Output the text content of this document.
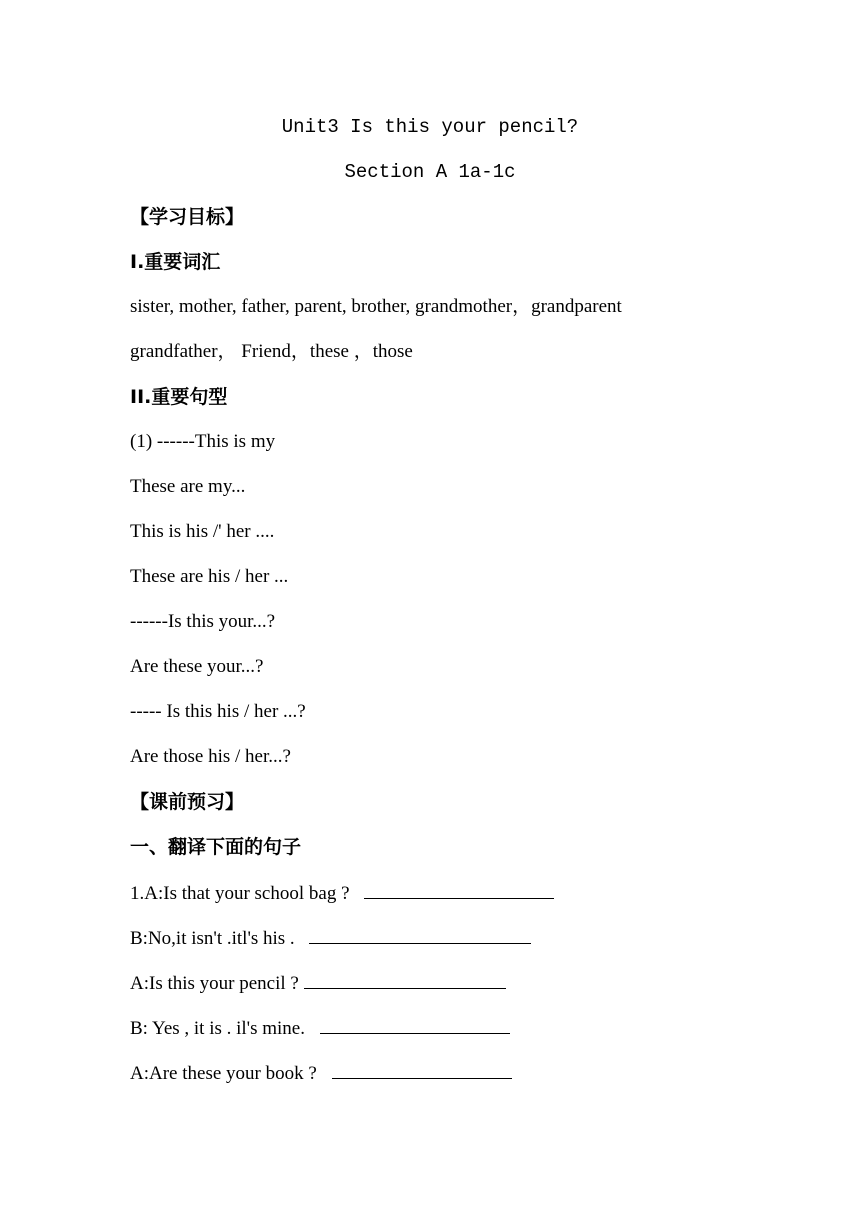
Unit3 Is this your pencil?
Section A 1a-1c
【学习目标】
I.重要词汇
sister, mother, father, parent, brother, grandmother，grandparent
grandfather， Friend，these ，those
II.重要句型
(1) ------This is my
These are my...
This is his /' her ....
These are his / her ...
------Is this your...?
Are these your...?
----- Is this his / her ...?
Are those his / her...?
【课前预习】
一、翻译下面的句子
1.A:Is that your school bag ?
B:No,it isn't .itl's his .
A:Is this your pencil ?
B: Yes , it is . il's mine.
A:Are these your book ?
